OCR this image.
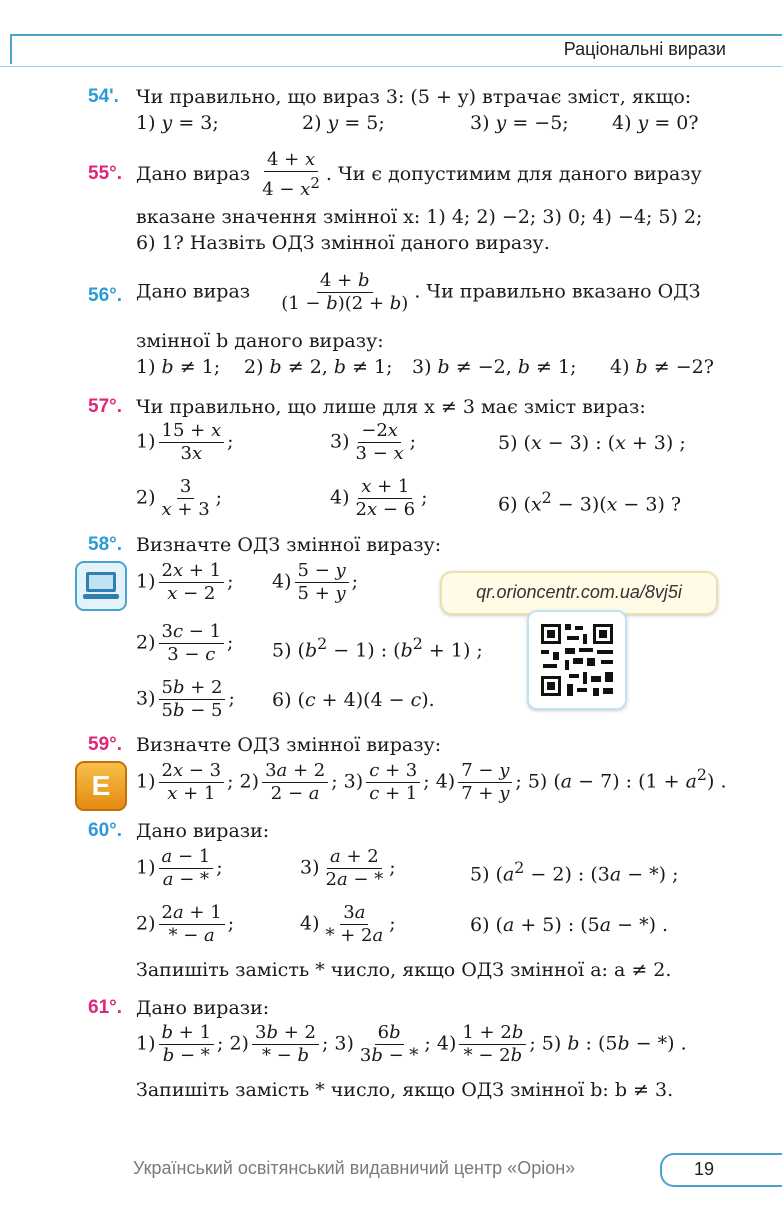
Раціональні вирази
54'. Чи правильно, що вираз 3: (5 + y) втрачає зміст, якщо:
1) y = 3;	2) y = 5;	3) y = −5; 4) y = 0?
55°. Дано вираз $\frac{4 + x}{4 - x^2}$ . Чи є допустимим для даного виразу
вказане значення змінної x: 1) 4; 2) −2; 3) 0; 4) −4; 5) 2;
6) 1? Назвіть ОДЗ змінної даного виразу.
56°. Дано вираз $\frac{4 + b}{(1 - b)(2 + b)}$ . Чи правильно вказано ОДЗ
змінної b даного виразу:
1) b ≠ 1; 2) b ≠ 2, b ≠ 1; 3) b ≠ −2, b ≠ 1; 4) b ≠ −2?
57°. Чи правильно, що лише для x ≠ 3 має зміст вираз:
$1) \frac{15 + x}{3x}$ ;	$3) \frac{-2x}{3 - x}$ ;	5) (x − 3) : (x + 3) ;
$2) \frac{3}{x + 3}$ ;	$4) \frac{x + 1}{2x - 6}$ ;	6) $(x^2 - 3)(x - 3)$ ?
58°. Визначте ОДЗ змінної виразу:
$1) \frac{2x + 1}{x - 2}$ ; $4) \frac{5 - y}{5 + y}$ ;
$2) \frac{3c - 1}{3 - c}$ ; 5) $(b^2 - 1)$ : $(b^2 + 1)$ ;
$3) \frac{5b + 2}{5b - 5}$ ; 6) (c + 4)(4 − c).
qr.orioncentr.com.ua/8vj5i
59°. Визначте ОДЗ змінної виразу:
E	$1) \frac{2x - 3}{x + 1}$ ; $2) \frac{3a + 2}{2 - a}$ ; $3) \frac{c + 3}{c + 1}$ ; $4) \frac{7 - y}{7 + y}$ ; 5) (a − 7) : $(1 + a^2)$ .
60°. Дано вирази:
$1) \frac{a - 1}{a - *}$ ;	$3) \frac{a + 2}{2a - *}$ ;	5) $(a^2 - 2)$ : (3a − *) ;
$2) \frac{2a + 1}{* - a}$ ;	$4) \frac{3a}{* + 2a}$ ;	6) (a + 5) : (5a − *) .
Запишіть замість * число, якщо ОДЗ змінної a: a ≠ 2.
61°. Дано вирази:
$1) \frac{b + 1}{b - *}$ ; $2) \frac{3b + 2}{* - b}$ ; $3) \frac{6b}{3b - *}$ ; $4) \frac{1 + 2b}{* - 2b}$ ; 5) b : (5b − *) .
Запишіть замість * число, якщо ОДЗ змінної b: b ≠ 3.
Український освітянський видавничий центр «Оріон»	19
